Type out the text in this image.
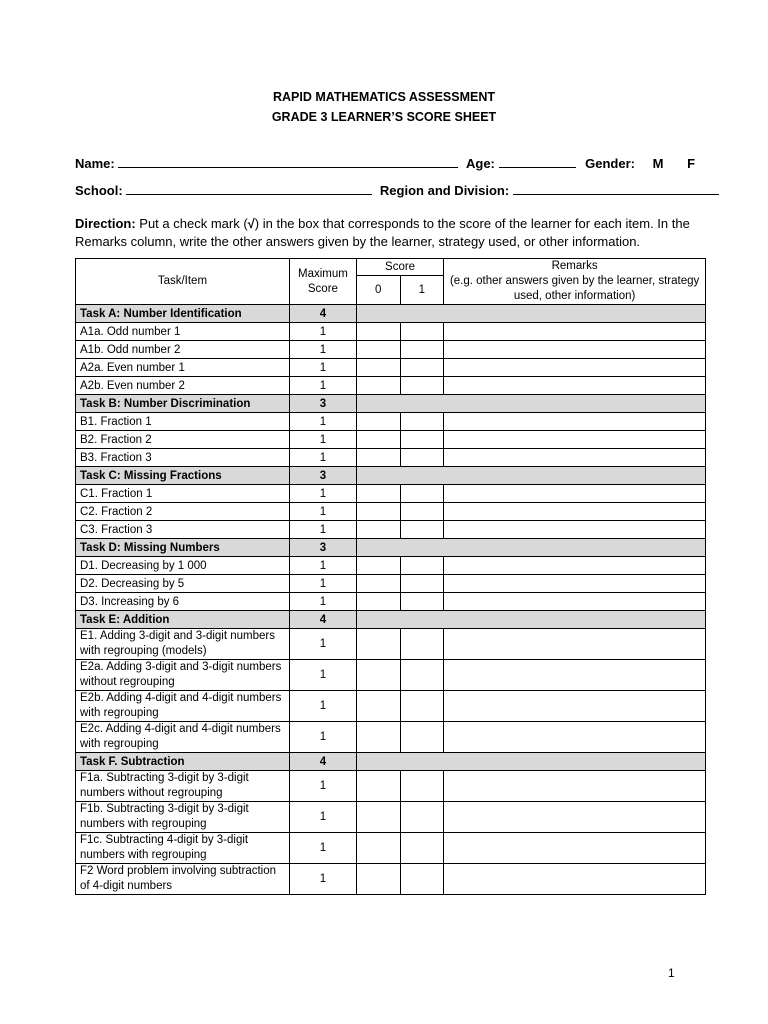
RAPID MATHEMATICS ASSESSMENT
GRADE 3 LEARNER’S SCORE SHEET
Name:	Age:	Gender: M F
School:	Region and Division:
Direction: Put a check mark (√) in the box that corresponds to the score of the learner for each item. In the Remarks column, write the other answers given by the learner, strategy used, or other information.
Task/Item	Maximum Score	Score		Remarks
(e.g. other answers given by the learner, strategy used, other information)

		0	1	
Task A: Number Identification	4			
A1a. Odd number 1	1			
A1b. Odd number 2	1			
A2a. Even number 1	1			
A2b. Even number 2	1			
Task B: Number Discrimination	3			
B1. Fraction 1	1			
B2. Fraction 2	1			
B3. Fraction 3	1			
Task C: Missing Fractions	3			
C1. Fraction 1	1			
C2. Fraction 2	1			
C3. Fraction 3	1			
Task D: Missing Numbers	3			
D1. Decreasing by 1 000	1			
D2. Decreasing by 5	1			
D3. Increasing by 6	1			
Task E: Addition	4			
E1. Adding 3-digit and 3-digit numbers with regrouping (models)	1			
E2a. Adding 3-digit and 3-digit numbers without regrouping	1			
E2b. Adding 4-digit and 4-digit numbers with regrouping	1			
E2c. Adding 4-digit and 4-digit numbers with regrouping	1			
Task F. Subtraction	4			
F1a. Subtracting 3-digit by 3-digit numbers without regrouping	1			
F1b. Subtracting 3-digit by 3-digit numbers with regrouping	1			
F1c. Subtracting 4-digit by 3-digit numbers with regrouping	1			
F2 Word problem involving subtraction of 4-digit numbers	1			
1
